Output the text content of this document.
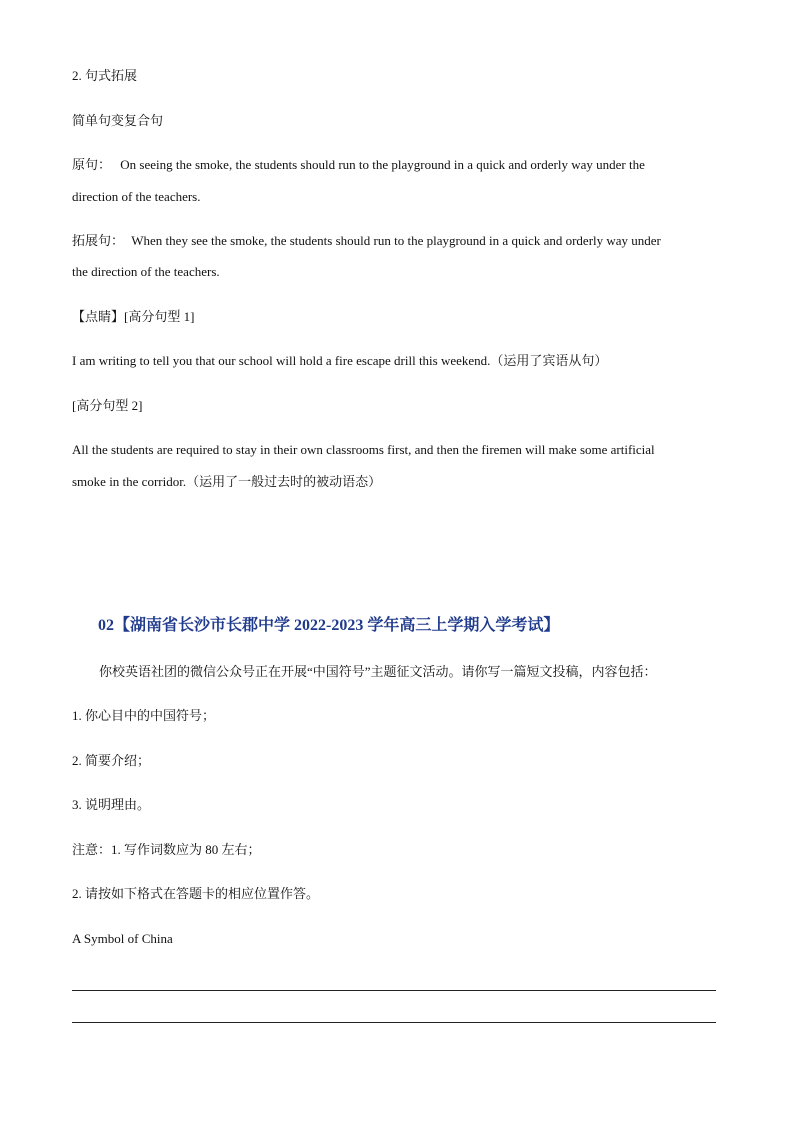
2. 句式拓展
简单句变复合句
原句： On seeing the smoke, the students should run to the playground in a quick and orderly way under the
direction of the teachers.
拓展句： When they see the smoke, the students should run to the playground in a quick and orderly way under
the direction of the teachers.
【点睛】[高分句型 1]
I am writing to tell you that our school will hold a fire escape drill this weekend.（运用了宾语从句）
[高分句型 2]
All the students are required to stay in their own classrooms first, and then the firemen will make some artificial
smoke in the corridor.（运用了一般过去时的被动语态）
02【湖南省长沙市长郡中学 2022-2023 学年高三上学期入学考试】
你校英语社团的微信公众号正在开展“中国符号”主题征文活动。请你写一篇短文投稿，内容包括：
1. 你心目中的中国符号；
2. 简要介绍；
3. 说明理由。
注意：1. 写作词数应为 80 左右；
2. 请按如下格式在答题卡的相应位置作答。
A Symbol of China
